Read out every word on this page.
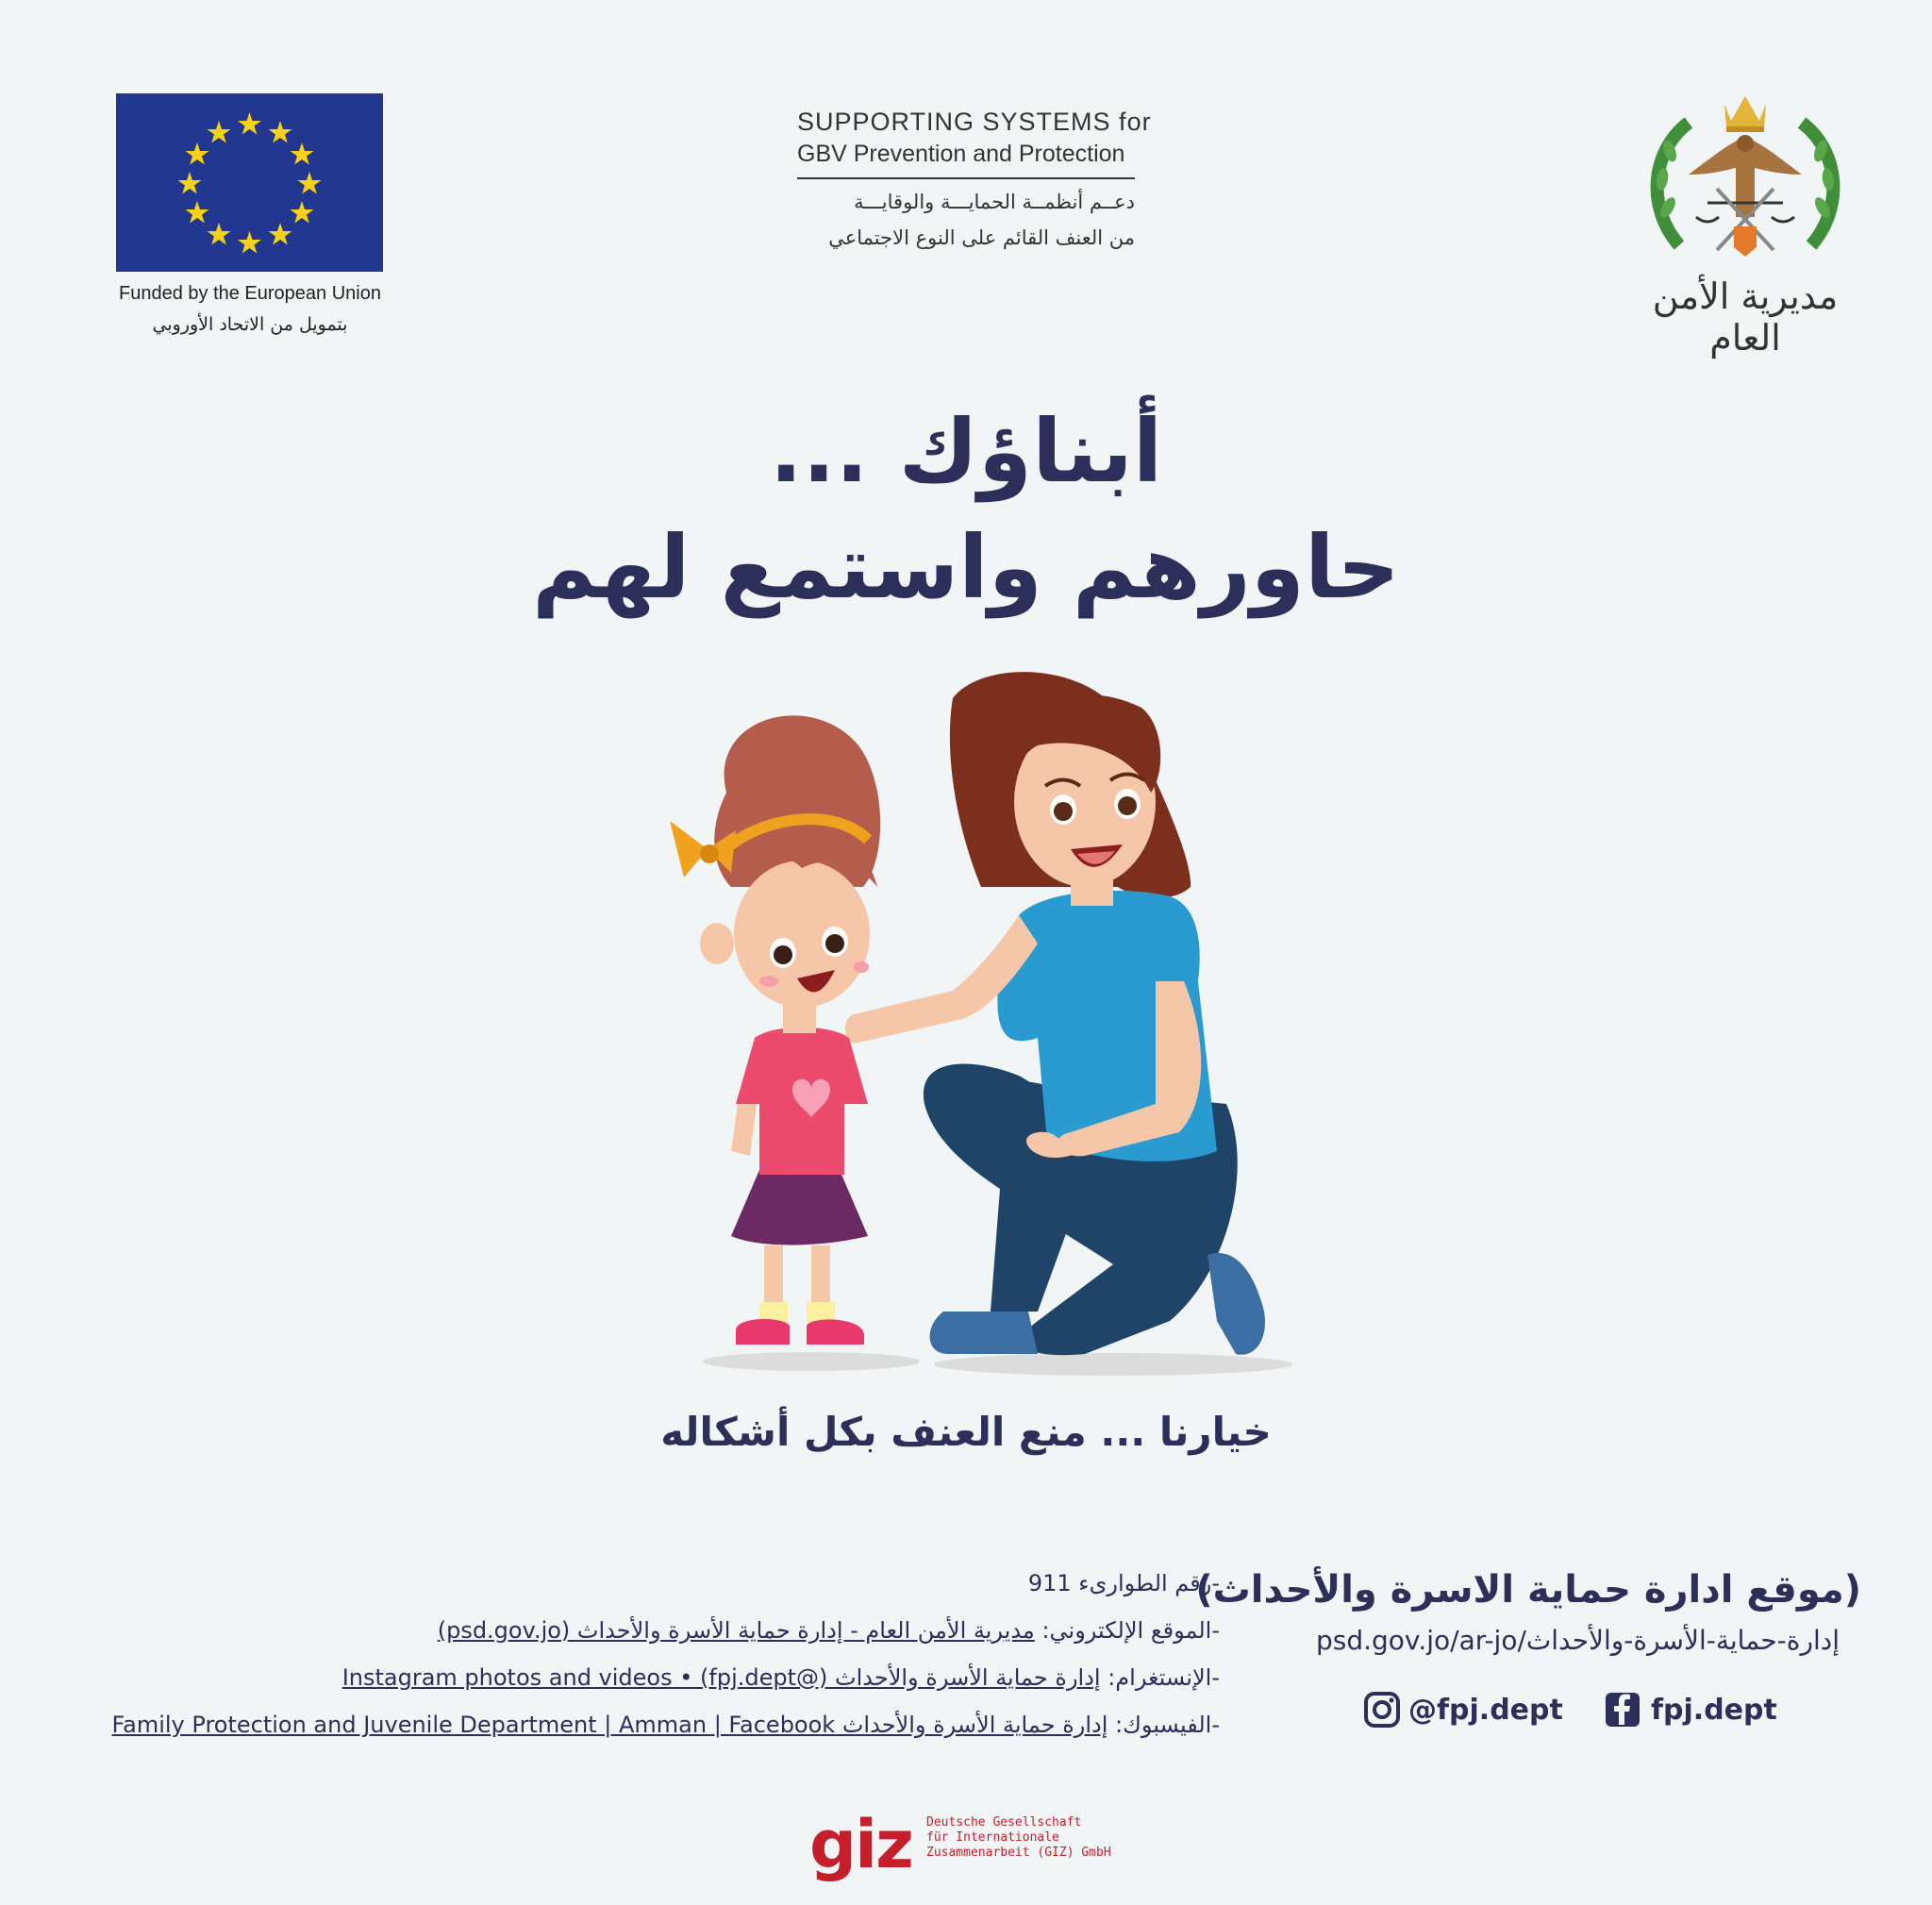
Funded by the European Union
بتمويل من الاتحاد الأوروبي
SUPPORTING SYSTEMS for
GBV Prevention and Protection
دعــم أنظمــة الحمايـــة والوقايـــة
من العنف القائم على النوع الاجتماعي
مديرية الأمن العام
أبناؤك ...
حاورهم واستمع لهم
خيارنا ... منع العنف بكل أشكاله
-رقم الطوارىء 911
-الموقع الإلكتروني: مديرية الأمن العام - إدارة حماية الأسرة والأحداث (psd.gov.jo)
-الإنستغرام: إدارة حماية الأسرة والأحداث (@fpj.dept) • Instagram photos and videos
-الفيسبوك: إدارة حماية الأسرة والأحداث Family Protection and Juvenile Department | Amman | Facebook
(موقع ادارة حماية الاسرة والأحداث)
psd.gov.jo/ar-jo/إدارة-حماية-الأسرة-والأحداث
@fpj.dept	fpj.dept
giz Deutsche Gesellschaft
für Internationale
Zusammenarbeit (GIZ) GmbH
